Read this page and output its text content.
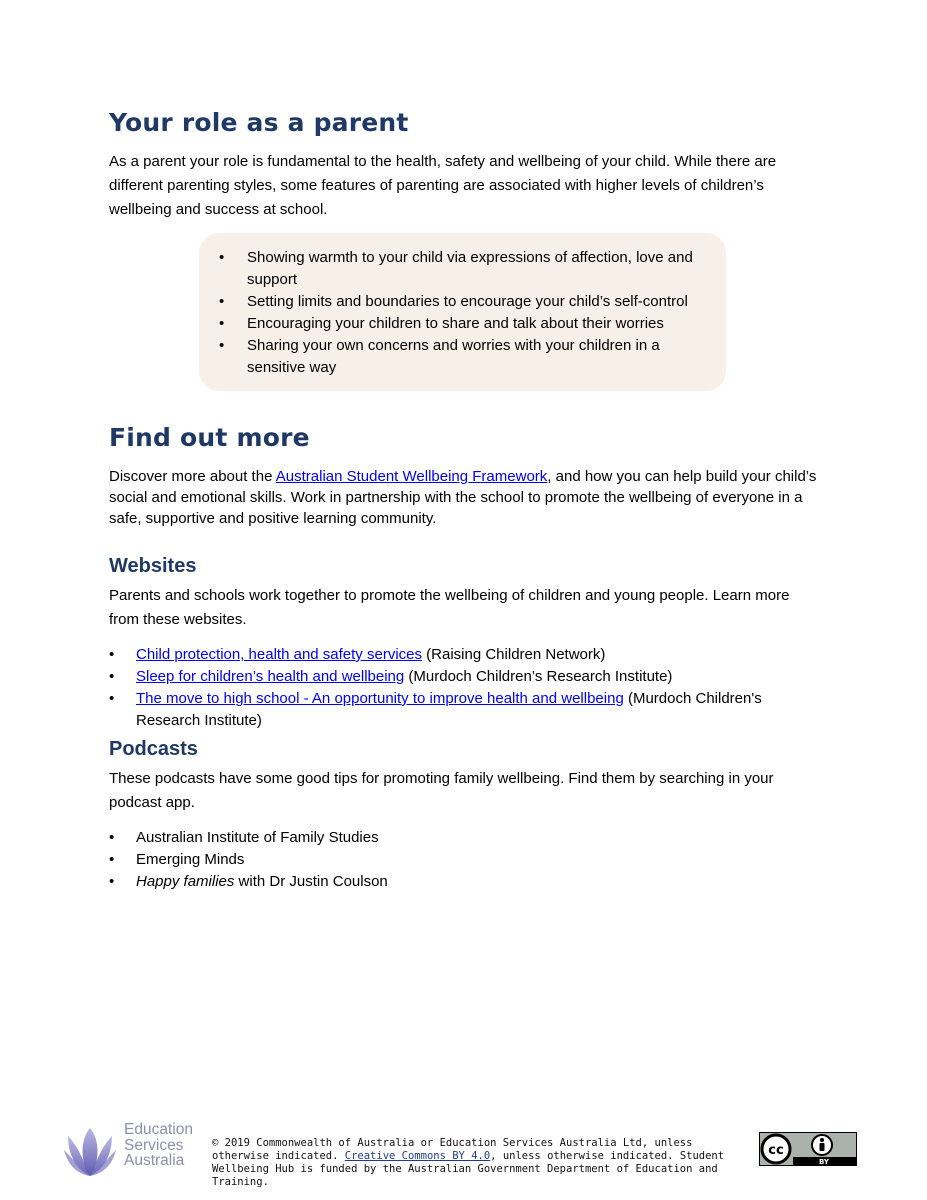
Your role as a parent

As a parent your role is fundamental to the health, safety and wellbeing of your child. While there are different parenting styles, some features of parenting are associated with higher levels of children’s wellbeing and success at school.

• Showing warmth to your child via expressions of affection, love and support
• Setting limits and boundaries to encourage your child’s self-control
• Encouraging your children to share and talk about their worries
• Sharing your own concerns and worries with your children in a sensitive way
Find out more

Discover more about the Australian Student Wellbeing Framework, and how you can help build your child’s social and emotional skills. Work in partnership with the school to promote the wellbeing of everyone in a safe, supportive and positive learning community.

Websites

Parents and schools work together to promote the wellbeing of children and young people. Learn more from these websites.

• Child protection, health and safety services (Raising Children Network)
• Sleep for children’s health and wellbeing (Murdoch Children’s Research Institute)
• The move to high school - An opportunity to improve health and wellbeing (Murdoch Children's Research Institute)
Podcasts

These podcasts have some good tips for promoting family wellbeing. Find them by searching in your podcast app.

• Australian Institute of Family Studies
• Emerging Minds
• Happy families with Dr Justin Coulson
Education
Services
Australia

© 2019 Commonwealth of Australia or Education Services Australia Ltd, unless otherwise indicated. Creative Commons BY 4.0, unless otherwise indicated. Student Wellbeing Hub is funded by the Australian Government Department of Education and Training.

cc
BY
